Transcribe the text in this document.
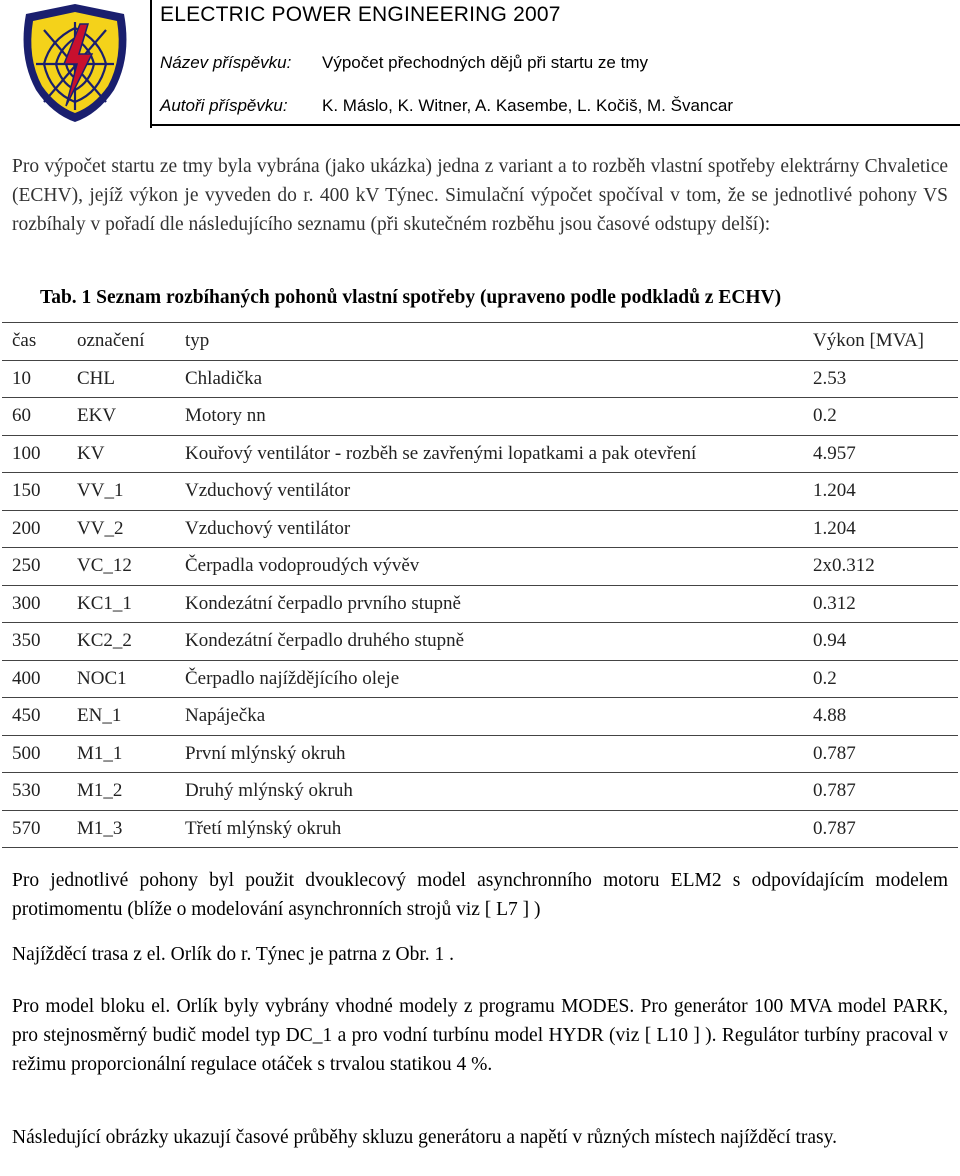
ELECTRIC POWER ENGINEERING 2007
Název příspěvku: Výpočet přechodných dějů při startu ze tmy
Autoři příspěvku: K. Máslo, K. Witner, A. Kasembe, L. Kočiš, M. Švancar

Pro výpočet startu ze tmy byla vybrána (jako ukázka) jedna z variant a to rozběh vlastní spotřeby elektrárny Chvaletice (ECHV), jejíž výkon je vyveden do r. 400 kV Týnec. Simulační výpočet spočíval v tom, že se jednotlivé pohony VS rozbíhaly v pořadí dle následujícího seznamu (při skutečném rozběhu jsou časové odstupy delší):

Tab. 1 Seznam rozbíhaných pohonů vlastní spotřeby (upraveno podle podkladů z ECHV)
čas	označení	typ	Výkon [MVA]
10	CHL	Chladička	2.53
60	EKV	Motory nn	0.2
100	KV	Kouřový ventilátor - rozběh se zavřenými lopatkami a pak otevření	4.957
150	VV_1	Vzduchový ventilátor	1.204
200	VV_2	Vzduchový ventilátor	1.204
250	VC_12	Čerpadla vodoproudých vývěv	2x0.312
300	KC1_1	Kondezátní čerpadlo prvního stupně	0.312
350	KC2_2	Kondezátní čerpadlo druhého stupně	0.94
400	NOC1	Čerpadlo najíždějícího oleje	0.2
450	EN_1	Napáječka	4.88
500	M1_1	První mlýnský okruh	0.787
530	M1_2	Druhý mlýnský okruh	0.787
570	M1_3	Třetí mlýnský okruh	0.787

Pro jednotlivé pohony byl použit dvouklecový model asynchronního motoru ELM2 s odpovídajícím modelem protimomentu (blíže o modelování asynchronních strojů viz [ L7 ] )

Najížděcí trasa z el. Orlík do r. Týnec je patrna z Obr. 1 .

Pro model bloku el. Orlík byly vybrány vhodné modely z programu MODES. Pro generátor 100 MVA model PARK, pro stejnosměrný budič model typ DC_1 a pro vodní turbínu model HYDR (viz [ L10 ] ). Regulátor turbíny pracoval v režimu proporcionální regulace otáček s trvalou statikou 4 %.

Následující obrázky ukazují časové průběhy skluzu generátoru a napětí v různých místech najížděcí trasy.
